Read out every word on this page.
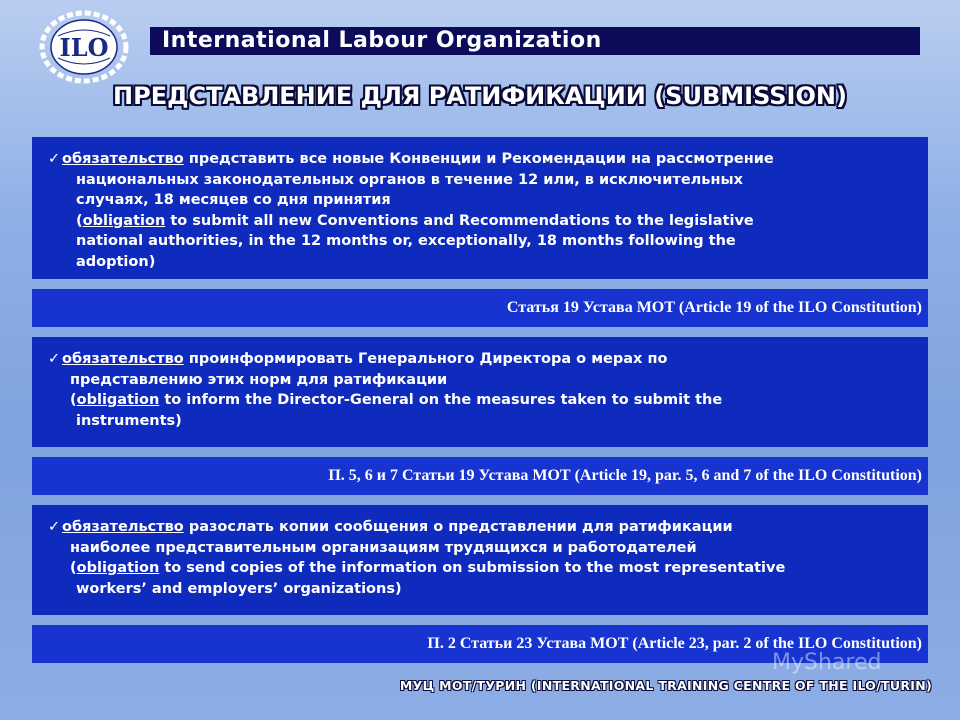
ILO	International Labour Organization
ПРЕДСТАВЛЕНИЕ ДЛЯ РАТИФИКАЦИИ (SUBMISSION)
✓ обязательство представить все новые Конвенции и Рекомендации на рассмотрение
национальных законодательных органов в течение 12 или, в исключительных
случаях, 18 месяцев со дня принятия
(obligation to submit all new Conventions and Recommendations to the legislative
national authorities, in the 12 months or, exceptionally, 18 months following the
adoption)
Статья 19 Устава МОТ (Article 19 of the ILO Constitution)
✓ обязательство проинформировать Генерального Директора о мерах по
представлению этих норм для ратификации
(obligation to inform the Director-General on the measures taken to submit the
instruments)
П. 5, 6 и 7 Статьи 19 Устава МОТ (Article 19, par. 5, 6 and 7 of the ILO Constitution)
✓ обязательство разослать копии сообщения о представлении для ратификации
наиболее представительным организациям трудящихся и работодателей
(obligation to send copies of the information on submission to the most representative
workers’ and employers’ organizations)
П. 2 Статьи 23 Устава МОТ (Article 23, par. 2 of the ILO Constitution)
MyShared
МУЦ МОТ/ТУРИН (INTERNATIONAL TRAINING CENTRE OF THE ILO/TURIN)
